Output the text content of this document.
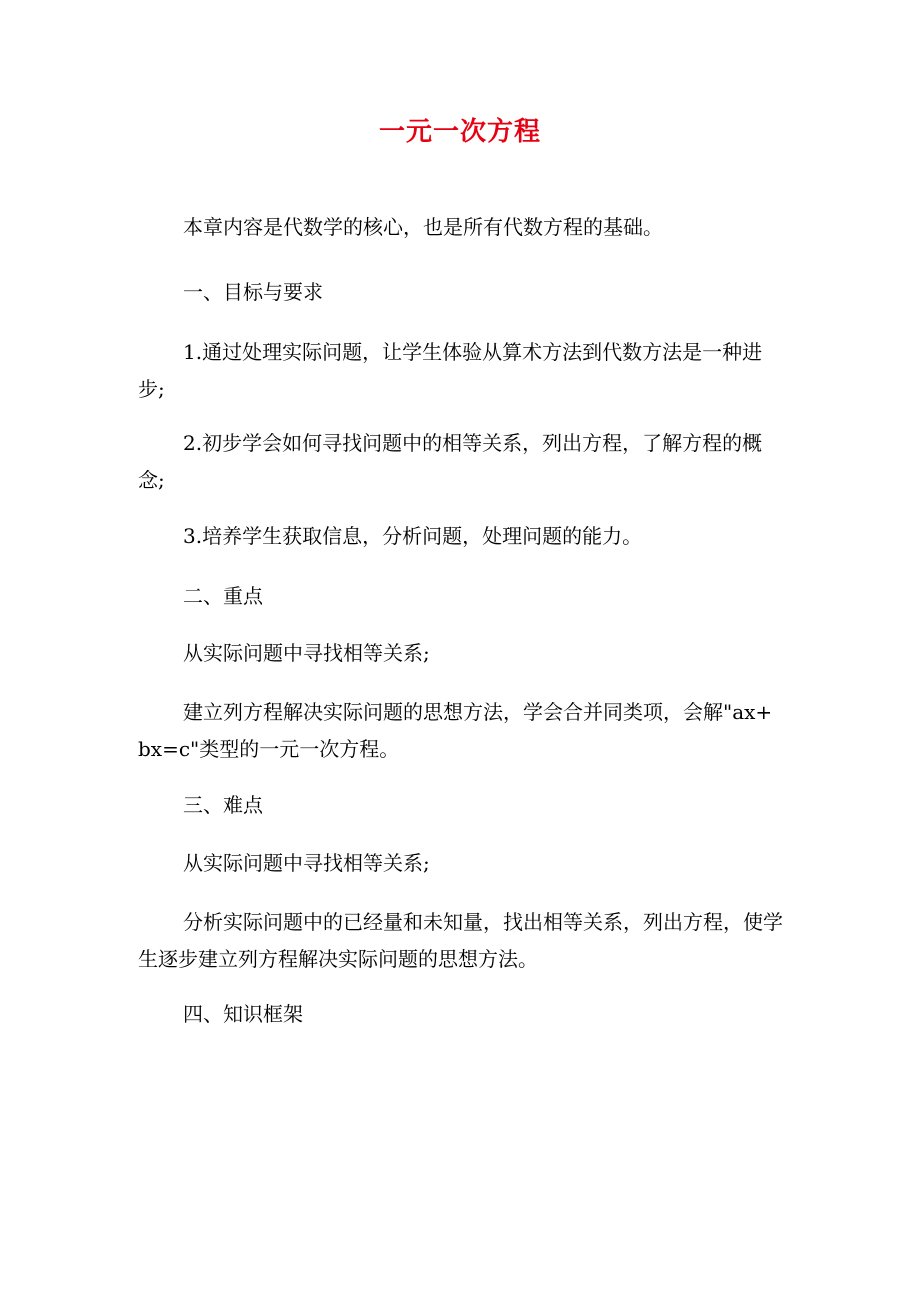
一元一次方程

本章内容是代数学的核心，也是所有代数方程的基础。

一、目标与要求

1.通过处理实际问题，让学生体验从算术方法到代数方法是一种进步;

2.初步学会如何寻找问题中的相等关系，列出方程，了解方程的概念;

3.培养学生获取信息，分析问题，处理问题的能力。

二、重点

从实际问题中寻找相等关系;

建立列方程解决实际问题的思想方法，学会合并同类项，会解"ax+bx=c"类型的一元一次方程。

三、难点

从实际问题中寻找相等关系;

分析实际问题中的已经量和未知量，找出相等关系，列出方程，使学生逐步建立列方程解决实际问题的思想方法。

四、知识框架
